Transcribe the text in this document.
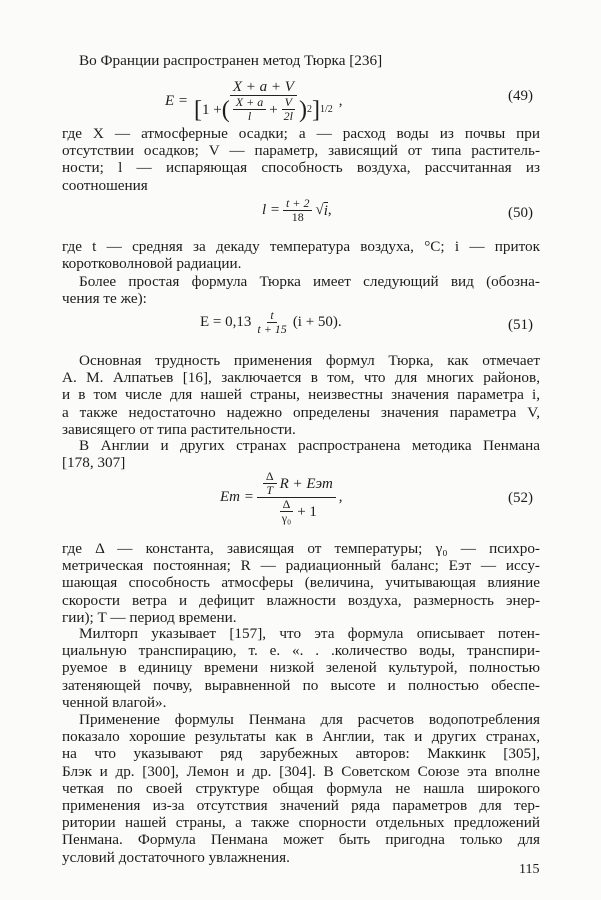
Во Франции распространен метод Тюрка [236]
где X — атмосферные осадки; a — расход воды из почвы при
отсутствии осадков; V — параметр, зависящий от типа раститель-
ности; l — испаряющая способность воздуха, рассчитанная из
соотношения
где t — средняя за декаду температура воздуха, °C; i — приток
коротковолновой радиации.
Более простая формула Тюрка имеет следующий вид (обозна-
чения те же):
Основная трудность применения формул Тюрка, как отмечает
А. М. Алпатьев [16], заключается в том, что для многих районов,
и в том числе для нашей страны, неизвестны значения параметра i,
а также недостаточно надежно определены значения параметра V,
зависящего от типа растительности.
В Англии и других странах распространена методика Пенмана
[178, 307]
где Δ — константа, зависящая от температуры; γ₀ — психро-
метрическая постоянная; R — радиационный баланс; Eэт — иссу-
шающая способность атмосферы (величина, учитывающая влияние
скорости ветра и дефицит влажности воздуха, размерность энер-
гии); T — период времени.
Милторп указывает [157], что эта формула описывает потен-
циальную транспирацию, т. е. «. . .количество воды, транспири-
руемое в единицу времени низкой зеленой культурой, полностью
затеняющей почву, выравненной по высоте и полностью обеспе-
ченной влагой».
Применение формулы Пенмана для расчетов водопотребления
показало хорошие результаты как в Англии, так и других странах,
на что указывают ряд зарубежных авторов: Маккинк [305],
Блэк и др. [300], Лемон и др. [304]. В Советском Союзе эта вполне
четкая по своей структуре общая формула не нашла широкого
применения из-за отсутствия значений ряда параметров для тер-
ритории нашей страны, а также спорности отдельных предложений
Пенмана. Формула Пенмана может быть пригодна только для
условий достаточного увлажнения.
E =
X + a + V
[ 1 + ( $\frac{X + a}{l} + \frac{V}{2l}$ ) 2 ] 1/2
,	(49)
$l = \frac{t + 2}{18}$ √ i ,	(50)
$E = 0,13 \frac{t}{t + 15} (i + 50)$.	(51)
Eт = $\frac{\frac{\Delta}{T} R + Eэт}{\frac{\Delta}{\text{γ₀}} + 1}$ ,	(52)
115
